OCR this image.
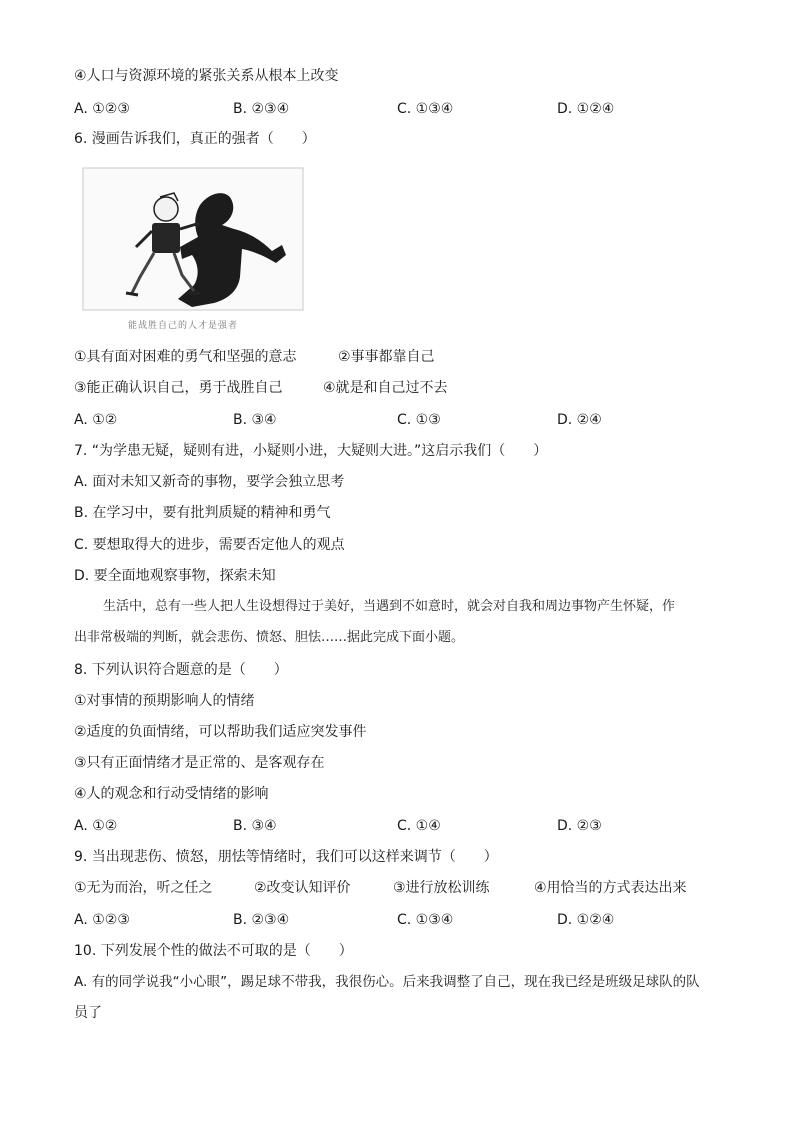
④人口与资源环境的紧张关系从根本上改变
A. ①②③	B. ②③④	C. ①③④	D. ①②④
6. 漫画告诉我们，真正的强者（　　）
能战胜自己的人才是强者
①具有面对困难的勇气和坚强的意志	②事事都靠自己
③能正确认识自己，勇于战胜自己	④就是和自己过不去
A. ①②	B. ③④	C. ①③	D. ②④
7. “为学患无疑，疑则有进，小疑则小进，大疑则大进。”这启示我们（　　）
A. 面对未知又新奇的事物，要学会独立思考
B. 在学习中，要有批判质疑的精神和勇气
C. 要想取得大的进步，需要否定他人的观点
D. 要全面地观察事物，探索未知
生活中，总有一些人把人生设想得过于美好，当遇到不如意时，就会对自我和周边事物产生怀疑，作
出非常极端的判断，就会悲伤、愤怒、胆怯……据此完成下面小题。
8. 下列认识符合题意的是（　　）
①对事情的预期影响人的情绪
②适度的负面情绪，可以帮助我们适应突发事件
③只有正面情绪才是正常的、是客观存在
④人的观念和行动受情绪的影响
A. ①②	B. ③④	C. ①④	D. ②③
9. 当出现悲伤、愤怒，朋怯等情绪时，我们可以这样来调节（　　）
①无为而治，听之任之	②改变认知评价	③进行放松训练	④用恰当的方式表达出来
A. ①②③	B. ②③④	C. ①③④	D. ①②④
10. 下列发展个性的做法不可取的是（　　）
A. 有的同学说我“小心眼”，踢足球不带我，我很伤心。后来我调整了自己，现在我已经是班级足球队的队
员了
